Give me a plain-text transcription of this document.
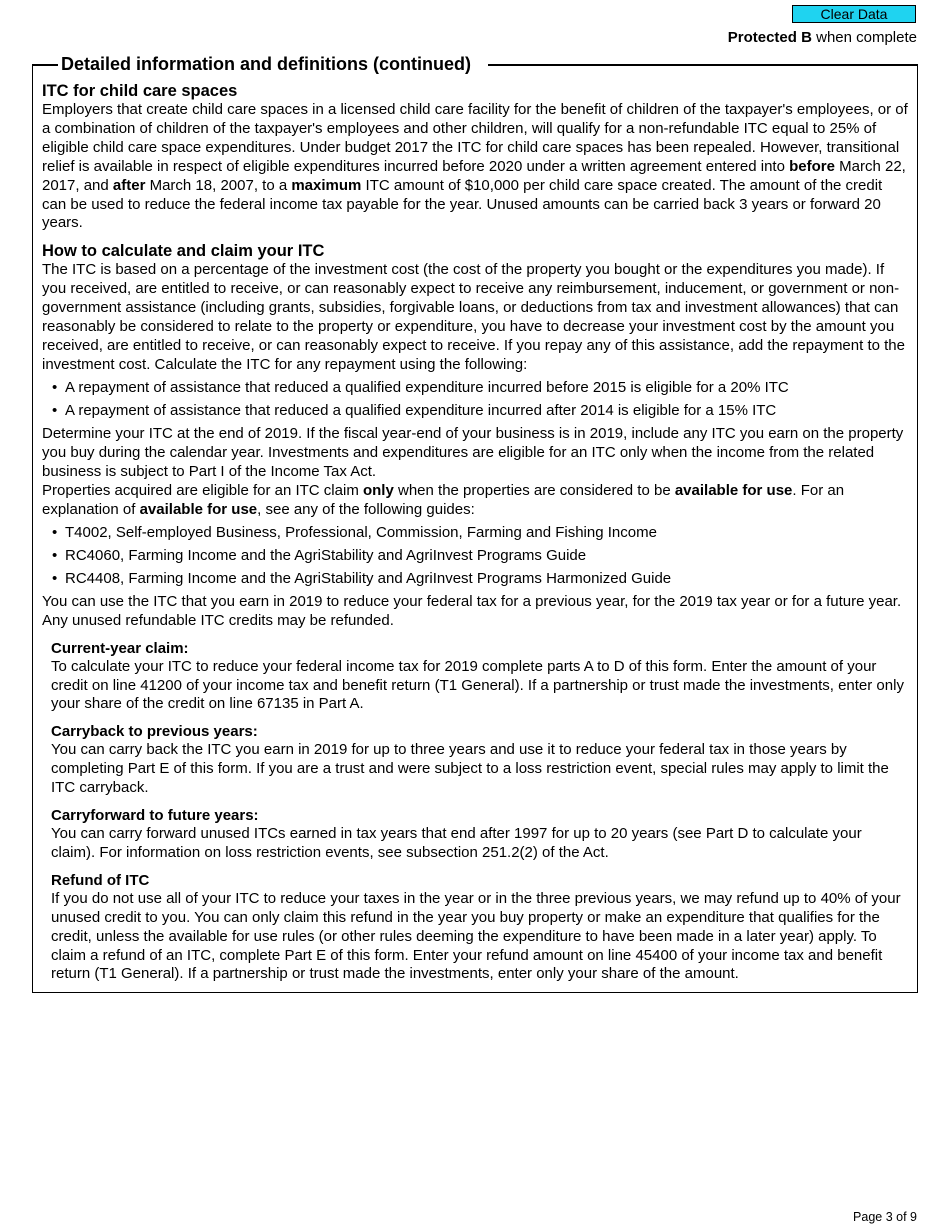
Clear Data
Protected B when complete
Detailed information and definitions (continued)
ITC for child care spaces

Employers that create child care spaces in a licensed child care facility for the benefit of children of the taxpayer's employees, or of a combination of children of the taxpayer's employees and other children, will qualify for a non-refundable ITC equal to 25% of eligible child care space expenditures. Under budget 2017 the ITC for child care spaces has been repealed. However, transitional relief is available in respect of eligible expenditures incurred before 2020 under a written agreement entered into before March 22, 2017, and after March 18, 2007, to a maximum ITC amount of $10,000 per child care space created. The amount of the credit can be used to reduce the federal income tax payable for the year. Unused amounts can be carried back 3 years or forward 20 years.

How to calculate and claim your ITC

The ITC is based on a percentage of the investment cost (the cost of the property you bought or the expenditures you made). If you received, are entitled to receive, or can reasonably expect to receive any reimbursement, inducement, or government or non-government assistance (including grants, subsidies, forgivable loans, or deductions from tax and investment allowances) that can reasonably be considered to relate to the property or expenditure, you have to decrease your investment cost by the amount you received, are entitled to receive, or can reasonably expect to receive. If you repay any of this assistance, add the repayment to the investment cost. Calculate the ITC for any repayment using the following:

• A repayment of assistance that reduced a qualified expenditure incurred before 2015 is eligible for a 20% ITC
• A repayment of assistance that reduced a qualified expenditure incurred after 2014 is eligible for a 15% ITC

Determine your ITC at the end of 2019. If the fiscal year-end of your business is in 2019, include any ITC you earn on the property you buy during the calendar year. Investments and expenditures are eligible for an ITC only when the income from the related business is subject to Part I of the Income Tax Act.

Properties acquired are eligible for an ITC claim only when the properties are considered to be available for use. For an explanation of available for use, see any of the following guides:

• T4002, Self-employed Business, Professional, Commission, Farming and Fishing Income
• RC4060, Farming Income and the AgriStability and AgriInvest Programs Guide
• RC4408, Farming Income and the AgriStability and AgriInvest Programs Harmonized Guide

You can use the ITC that you earn in 2019 to reduce your federal tax for a previous year, for the 2019 tax year or for a future year. Any unused refundable ITC credits may be refunded.

Current-year claim:

To calculate your ITC to reduce your federal income tax for 2019 complete parts A to D of this form. Enter the amount of your credit on line 41200 of your income tax and benefit return (T1 General). If a partnership or trust made the investments, enter only your share of the credit on line 67135 in Part A.

Carryback to previous years:

You can carry back the ITC you earn in 2019 for up to three years and use it to reduce your federal tax in those years by completing Part E of this form. If you are a trust and were subject to a loss restriction event, special rules may apply to limit the ITC carryback.

Carryforward to future years:

You can carry forward unused ITCs earned in tax years that end after 1997 for up to 20 years (see Part D to calculate your claim). For information on loss restriction events, see subsection 251.2(2) of the Act.

Refund of ITC

If you do not use all of your ITC to reduce your taxes in the year or in the three previous years, we may refund up to 40% of your unused credit to you. You can only claim this refund in the year you buy property or make an expenditure that qualifies for the credit, unless the available for use rules (or other rules deeming the expenditure to have been made in a later year) apply. To claim a refund of an ITC, complete Part E of this form. Enter your refund amount on line 45400 of your income tax and benefit return (T1 General). If a partnership or trust made the investments, enter only your share of the amount.

Page 3 of 9
